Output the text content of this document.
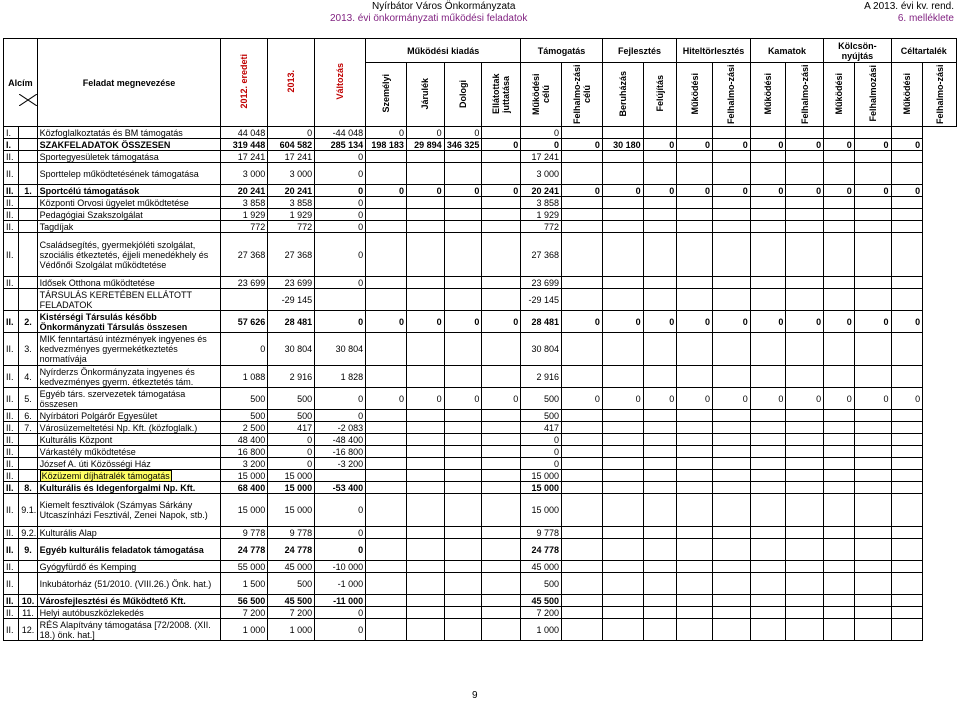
Nyírbátor Város Önkormányzata
2013. évi önkormányzati működési feladatok
A 2013. évi kv. rend.
6. melléklete
Alcím		Feladat megnevezése	2012. eredeti	2013.	Változás	Működési kiadás				Támogatás		Fejlesztés		Hiteltörlesztés		Kamatok		Kölcsön-nyújtás		Céltartalék	
						Személyi	Járulék	Dologi	Ellátottak juttatása	Működési célú	Felhalmo-zási célú	Beruházás	Felújítás	Működési	Felhalmo-zási	Működési	Felhalmo-zási	Működési	Felhalmozási	Működési	Felhalmo-zási
I.		Közfoglalkoztatás és BM támogatás	44 048	0	-44 048	0	0	0		0											
I.		SZAKFELADATOK ÖSSZESEN	319 448	604 582	285 134	198 183	29 894	346 325	0	0	0	30 180	0	0	0	0	0	0	0	0	
II.		Sportegyesületek támogatása	17 241	17 241	0					17 241											
II.		Sporttelep működtetésének támogatása	3 000	3 000	0					3 000											
II.	1.	Sportcélú támogatások	20 241	20 241	0	0	0	0	0	20 241	0	0	0	0	0	0	0	0	0	0	
II.		Központi Orvosi ügyelet működtetése	3 858	3 858	0					3 858											
II.		Pedagógiai Szakszolgálat	1 929	1 929	0					1 929											
II.		Tagdíjak	772	772	0					772											
II.		Családsegítés, gyermekjóléti szolgálat, szociális étkeztetés, éjjeli menedékhely és Védőnői Szolgálat működtetése	27 368	27 368	0					27 368											
II.		Idősek Otthona működtetése	23 699	23 699	0					23 699											
		TÁRSULÁS KERETÉBEN ELLÁTOTT FELADATOK		-29 145						-29 145											
II.	2.	Kistérségi Társulás később Önkormányzati Társulás összesen	57 626	28 481	0	0	0	0	0	28 481	0	0	0	0	0	0	0	0	0	0	
II.	3.	MIK fenntartású intézmények ingyenes és kedvezményes gyermekétkeztetés normatívája	0	30 804	30 804					30 804											
II.	4.	Nyírderzs Önkormányzata ingyenes és kedvezményes gyerm. étkeztetés tám.	1 088	2 916	1 828					2 916											
II.	5.	Egyéb társ. szervezetek támogatása összesen	500	500	0	0	0	0	0	500	0	0	0	0	0	0	0	0	0	0	
II.	6.	Nyírbátori Polgárőr Egyesület	500	500	0					500											
II.	7.	Városüzemeltetési Np. Kft. (közfoglalk.)	2 500	417	-2 083					417											
II.		Kulturális Központ	48 400	0	-48 400					0											
II.		Várkastély működtetése	16 800	0	-16 800					0											
II.		József A. úti Közösségi Ház	3 200	0	-3 200					0											
II.		Közüzemi díjhátralék támogatás	15 000	15 000						15 000											
II.	8.	Kulturális és Idegenforgalmi Np. Kft.	68 400	15 000	-53 400					15 000											
II.	9.1.	Kiemelt fesztiválok (Számyas Sárkány Utcaszínházi Fesztivál, Zenei Napok, stb.)	15 000	15 000	0					15 000											
II.	9.2.	Kulturális Alap	9 778	9 778	0					9 778											
II.	9.	Egyéb kulturális feladatok támogatása	24 778	24 778	0					24 778											
II.		Gyógyfürdő és Kemping	55 000	45 000	-10 000					45 000											
II.		Inkubátorház (51/2010. (VIII.26.) Önk. hat.)	1 500	500	-1 000					500											
II.	10.	Városfejlesztési és Működtető Kft.	56 500	45 500	-11 000					45 500											
II.	11.	Helyi autóbuszközlekedés	7 200	7 200	0					7 200											
II.	12.	RÉS Alapítvány támogatása [72/2008. (XII. 18.) önk. hat.]	1 000	1 000	0					1 000											
9
